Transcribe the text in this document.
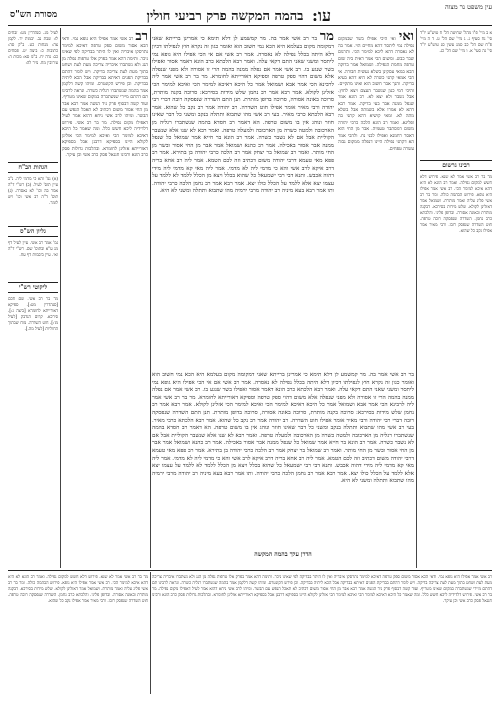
עין משפט נר מצוה
עו:
בהמה המקשה פרק רביעי חולין
מסורת הש"ס
א ב מיי' פ"ו מהל' שחיטה הל' ח טוש"ע יו"ד סי' נח סעיף ג. ג מיי' שם הל' ט. ד ה מיי' פ"ח שם הל' כב סמג עשין סג טוש"ע יו"ד סי' נה סעי' א. ו מיי' שם הל' כג.
רבינו גרשום
מר בר רב אשי אמר לא שנא. פירוש דלא חשש למקום נפילה. ואמר רב הונא לא היא דהא איכא למימר הכי. רב אשי אמר אפילו היא גופא. פירוש הבהמה כולה. ומר בר רב אשי פליג עליה ואמר מותרת. ושמואל אמר דאזלינן לקולא. שלש מידות בסירכא. דבקנה מותרת ובאונה אסורה. ובדופן פליגי. והלכתא כרב נחמן. השדרה שנפסקה רובה טרפה. חוט השדרה שנפסק רובו. ורבי מאיר אמר אפילו נקב כל שהוא.
ואי ואי היכי אפילו בשר שבמקום נפילה נמי ליתסר דהא מחיים הוי. אמר בה לא נאסרה דהא ליכא למימר הכי. ותרגום שבר כבש. ומשום הכי אמר דאית ביה שום טרפה מחמת הנפילה. ושמואל אמר בדוקה הכא במאי עסקינן בשלא נעשית חבורה. אי הכי אמאי קתני כשרה לא היא דהא בעיא בדיקה. והנך אבר חשוב הוא ואינו מתקיים. והיכי דמי כגון שנשבר העצם ויצא לחוץ. אבל נשבר ולא יצא לא. רב הונא אמר שנפל ממנה אבר בעי בדיקה. אמר רבא דהא לא אמרו אלא בשמתה אבל בשלא מתה לא. ומאי קושיא דהא קתני בה ופליגא. ואמר רב הונא הלכה כרבי יהודה משום דמסתבר טעמיה. אבר מן החי הוא דאסר רחמנא ואפילו לבני נח. ולהכי אמר הא דקתני נפילה היינו דנפלה ממקום גבוה עשרה טפחים.
מר בר רב אשי אמר בה. מר קמשמע לן דלא תימא כי אמרינן ברייתא שאני דמקומה מקום בעלמא היא הכא נמי חשוב הוא ואומר כגון זה נקרא חוץ לנפילתו דכיון דלא היתה בכלל נפילה לא נאסרה. אמר רב אשי אם אי הכי אפילו היא גופא נמי ליתסר ומשני שאני התם דקאי עלה. ואמר רבא הלכתא כרב הונא דאמר אסור ואפילו בשר שנגע בו. רב אשי אמר אם נפלה ממנה בהמה הרי זו אסורה ולא מפני שנפלה אלא משום דהוי ספק טרפה וספיקא דאורייתא לחומרא. מר בר רב אשי אמר ליה לרבינא הכי אמר אבא ושמואל אמר כל היכא דאיכא למימר הכי ואיכא למימר הכי אזלינן לקולא. אמר רבא אמר רב נחמן שלש מידות בסירכא: סרוכה בקנה מותרת, סרוכה באונה אסורה, סרוכה בדופן מותרת. תנן התם השדרה שנפסקה רובה דברי רבי יהודה ורבי מאיר אומר אפילו חוט השדרה. רב יהודה אמר רב נקב כל שהוא. אמר רבא הלכתא כרבי מאיר. בעי רב אשי מהו שתבוא ותתלה בנקב ומשני כל דבר שאינו חוזר ונוהג אין בו משום טרפה. הא דאמר רב חסדא בהמה שנשתברו רגליה מן הארכובה ולמטה כשרה מן הארכובה ולמעלה טרפה. ואמר רבא לא שנו אלא שנשבר הקוליית אבל אם לא נשבר כשרה. אמר רב הונא בר חייא אמר שמואל כל שנפל ממנה אבר אסור באכילה. אמר רב כהנא ושמואל אמר אבר מן החי אסור ובשר מן החי מותר. ואמר רב שמואל בר יצחק אמר רב הלכה כרבי יהודה בן בתירא. אמר רב פפא מאי טעמא דרבי יהודה משום דכתיב וזה לכם הטמא. אמר ליה רב אחא בריה דרב איקא לרב אשי והא כי מדמי ליה לא מדמי. אמר ליה מאי קא מדמי ליה מידי דהוה אכבש. ותנא דבי רבי ישמעאל כל שהוא בכלל ויצא מן הכלל ללמד לא ללמד על עצמו יצא אלא ללמד על הכלל כולו יצא. אמר רבא אמר רב נחמן הלכה כרבי יהודה. ותו אמר רבא בעא מיניה רב יהודה מרבי ירמיה מהו שתבוא ותתלה ומשני לא היא.
בר רב אשי אמר בה. מר קמשמע לן דלא תימא כי אמרינן ברייתא שאני דמקומה מקום בעלמא היא הכא נמי חשוב הוא ואומר כגון זה נקרא חוץ לנפילתו דכיון דלא היתה בכלל נפילה לא נאסרה. אמר רב אשי אם אי הכי אפילו היא גופא נמי ליתסר ומשני שאני התם דקאי עלה. ואמר רבא הלכתא כרב הונא דאמר אסור ואפילו בשר שנגע בו. רב אשי אמר אם נפלה ממנה בהמה הרי זו אסורה ולא מפני שנפלה אלא משום דהוי ספק טרפה וספיקא דאורייתא לחומרא. מר בר רב אשי אמר ליה לרבינא הכי אמר אבא ושמואל אמר כל היכא דאיכא למימר הכי ואיכא למימר הכי אזלינן לקולא. אמר רבא אמר רב נחמן שלש מידות בסירכא: סרוכה בקנה מותרת, סרוכה באונה אסורה, סרוכה בדופן מותרת. תנן התם השדרה שנפסקה רובה דברי רבי יהודה ורבי מאיר אומר אפילו חוט השדרה. רב יהודה אמר רב נקב כל שהוא. אמר רבא הלכתא כרבי מאיר. בעי רב אשי מהו שתבוא ותתלה בנקב ומשני כל דבר שאינו חוזר ונוהג אין בו משום טרפה. הא דאמר רב חסדא בהמה שנשתברו רגליה מן הארכובה ולמטה כשרה מן הארכובה ולמעלה טרפה. ואמר רבא לא שנו אלא שנשבר הקוליית אבל אם לא נשבר כשרה. אמר רב הונא בר חייא אמר שמואל כל שנפל ממנה אבר אסור באכילה. אמר רב כהנא ושמואל אמר אבר מן החי אסור ובשר מן החי מותר. ואמר רב שמואל בר יצחק אמר רב הלכה כרבי יהודה בן בתירא. אמר רב פפא מאי טעמא דרבי יהודה משום דכתיב וזה לכם הטמא. אמר ליה רב אחא בריה דרב איקא לרב אשי והא כי מדמי ליה לא מדמי. אמר ליה מאי קא מדמי ליה מידי דהוה אכבש. ותנא דבי רבי ישמעאל כל שהוא בכלל ויצא מן הכלל ללמד לא ללמד על עצמו יצא אלא ללמד על הכלל כולו יצא. אמר רבא אמר רב נחמן הלכה כרבי יהודה. ותו אמר רבא בעא מיניה רב יהודה מרבי ירמיה מהו שתבוא ותתלה ומשני לא היא.
הדרן עלך בהמה המקשה
רב רב אשי אמר אפילו היא גופא נמי. ודאי הכא אסור משום ספק טרפה דאיכא למימר נתרסקו איבריה ואין לו היתר בבדיקה לפי שאינו ניכר. ותימה דהא אמר בפרק אלו טרפות נפלה מן הגג ולא נשתברו איבריה צריכה מעת לעת ושחט בתוך מעת לעת צריכה בדיקה. ויש לומר דהתם בבדיקת הפנים דאיתא בבדיקה אבל הכא ליתיה בבדיקה. וכן פירש הקונטרס. ומיהו קשה דלקמן אמר בהמה שנשתברו רגליה כשרה. ונראה לרבינו תם דהתם מיירי שנשתברה במקום שאינו מטריף. ועוד קשה דבסוף פרק גיד הנשה אמר רבא אבר מן החי אסור משום דכתיב לא תאכל הנפש עם הבשר. ומיהו לרב אשי ניחא דהוא אמר לעיל דאפילו מקום נפילה. מר בר רב אשי. פירוש דלדידיה ליכא חשש כלל. ומה שאמר כל היכא דאיכא למימר הכי ואיכא למימר הכי אזלינן לקולא היינו בספיקא דרבנן אבל בספיקא דאורייתא אזלינן לחומרא. ובהלכות גדולות פסק כרב הונא ורבינו חננאל פסק כרב אשי וכן עיקר.
לעיל מג. סנהדרין מט: זבחים לז: שבת נב. יבמות יד. לקמן צה: מנחות כט. ב"ק סה: כתובות כ: ביצה יט. פסחים כב: נדה יח. ב"מ סא: מכות ה: עירובין מח. נזיר לה:
הגהות הב"ח
(א) גמ' והא כי מדמי ליה. נ"ב עיין תוס' לעיל. (ב) רש"י ד"ה אמר בה וכו' לא נאסרה. (ג) תוס' ד"ה רב אשי וכו' ויש לומר.
גליון הש"ס
גמ' אמר רב אשי. עיין לעיל דף מג ע"א ובתוס' שם. רש"י ד"ה ואי. עיין ביבמות דף עח.
ליקוטי רש"י
מר בר רב אשי. שם חכם [סנהדרין מט:]. ספיקא דאורייתא לחומרא [ביצה ג:]. סירכא. קרום הנדבק [לעיל מו:]. חוט השדרה. מוח שבתוך החוליות [לעיל מה.].
רב אשי אמר אפילו היא גופא נמי. ודאי הכא אסור משום ספק טרפה דאיכא למימר נתרסקו איבריה ואין לו היתר בבדיקה לפי שאינו ניכר. ותימה דהא אמר בפרק אלו טרפות נפלה מן הגג ולא נשתברו איבריה צריכה מעת לעת ושחט בתוך מעת לעת צריכה בדיקה. ויש לומר דהתם בבדיקת הפנים דאיתא בבדיקה אבל הכא ליתיה בבדיקה. וכן פירש הקונטרס. ומיהו קשה דלקמן אמר בהמה שנשתברו רגליה כשרה. ונראה לרבינו תם דהתם מיירי שנשתברה במקום שאינו מטריף. ועוד קשה דבסוף פרק גיד הנשה אמר רבא אבר מן החי אסור משום דכתיב לא תאכל הנפש עם הבשר. ומיהו לרב אשי ניחא דהוא אמר לעיל דאפילו מקום נפילה. מר בר רב אשי. פירוש דלדידיה ליכא חשש כלל. ומה שאמר כל היכא דאיכא למימר הכי ואיכא למימר הכי אזלינן לקולא היינו בספיקא דרבנן אבל בספיקא דאורייתא אזלינן לחומרא. ובהלכות גדולות פסק כרב הונא ורבינו חננאל פסק כרב אשי וכן עיקר.
מר בר רב אשי אמר לא שנא. פירוש דלא חשש למקום נפילה. ואמר רב הונא לא היא דהא איכא למימר הכי. רב אשי אמר אפילו היא גופא. פירוש הבהמה כולה. ומר בר רב אשי פליג עליה ואמר מותרת. ושמואל אמר דאזלינן לקולא. שלש מידות בסירכא. דבקנה מותרת ובאונה אסורה. ובדופן פליגי. והלכתא כרב נחמן. השדרה שנפסקה רובה טרפה. חוט השדרה שנפסק רובו. ורבי מאיר אמר אפילו נקב כל שהוא.
